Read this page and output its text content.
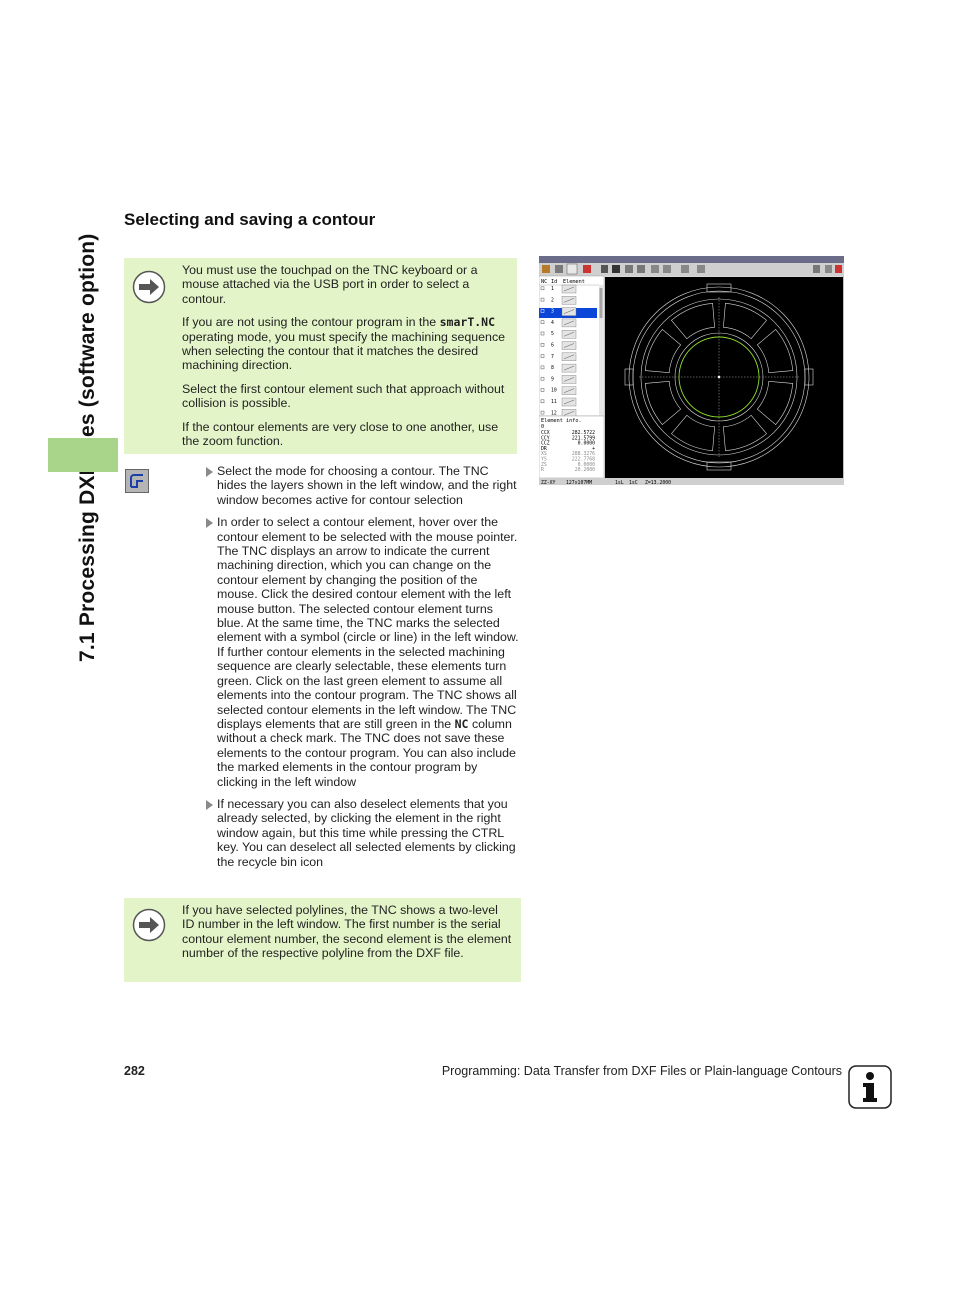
Selecting and saving a contour

You must use the touchpad on the TNC keyboard or a mouse attached via the USB port in order to select a contour.

If you are not using the contour program in the smarT.NC operating mode, you must specify the machining sequence when selecting the contour that it matches the desired machining direction.

Select the first contour element such that approach without collision is possible.

If the contour elements are very close to one another, use the zoom function.

Select the mode for choosing a contour. The TNC hides the layers shown in the left window, and the right window becomes active for contour selection
In order to select a contour element, hover over the contour element to be selected with the mouse pointer. The TNC displays an arrow to indicate the current machining direction, which you can change on the contour element by changing the position of the mouse. Click the desired contour element with the left mouse button. The selected contour element turns blue. At the same time, the TNC marks the selected element with a symbol (circle or line) in the left window. If further contour elements in the selected machining sequence are clearly selectable, these elements turn green. Click on the last green element to assume all elements into the contour program. The TNC shows all selected contour elements in the left window. The TNC displays elements that are still green in the NC column without a check mark. The TNC does not save these elements to the contour program. You can also include the marked elements in the contour program by clicking in the left window
If necessary you can also deselect elements that you already selected, by clicking the element in the right window again, but this time while pressing the CTRL key. You can deselect all selected elements by clicking the recycle bin icon
If you have selected polylines, the TNC shows a two-level ID number in the left window. The first number is the serial contour element number, the second element is the element number of the respective polyline from the DXF file.
NC Id Element
1
2
3
4
5
6
7
8
9
10
11
12
Element info.
0
CCX	282.5722
CCY	221.5799
CCZ	0.0000
DR	+
XS	288.3276
YS	222.7768
ZS	0.0000
R	20.2000
ZZ-XY 127x107MM	1sL 1sC Z=13.2000
282	Programming: Data Transfer from DXF Files or Plain-language Contours
